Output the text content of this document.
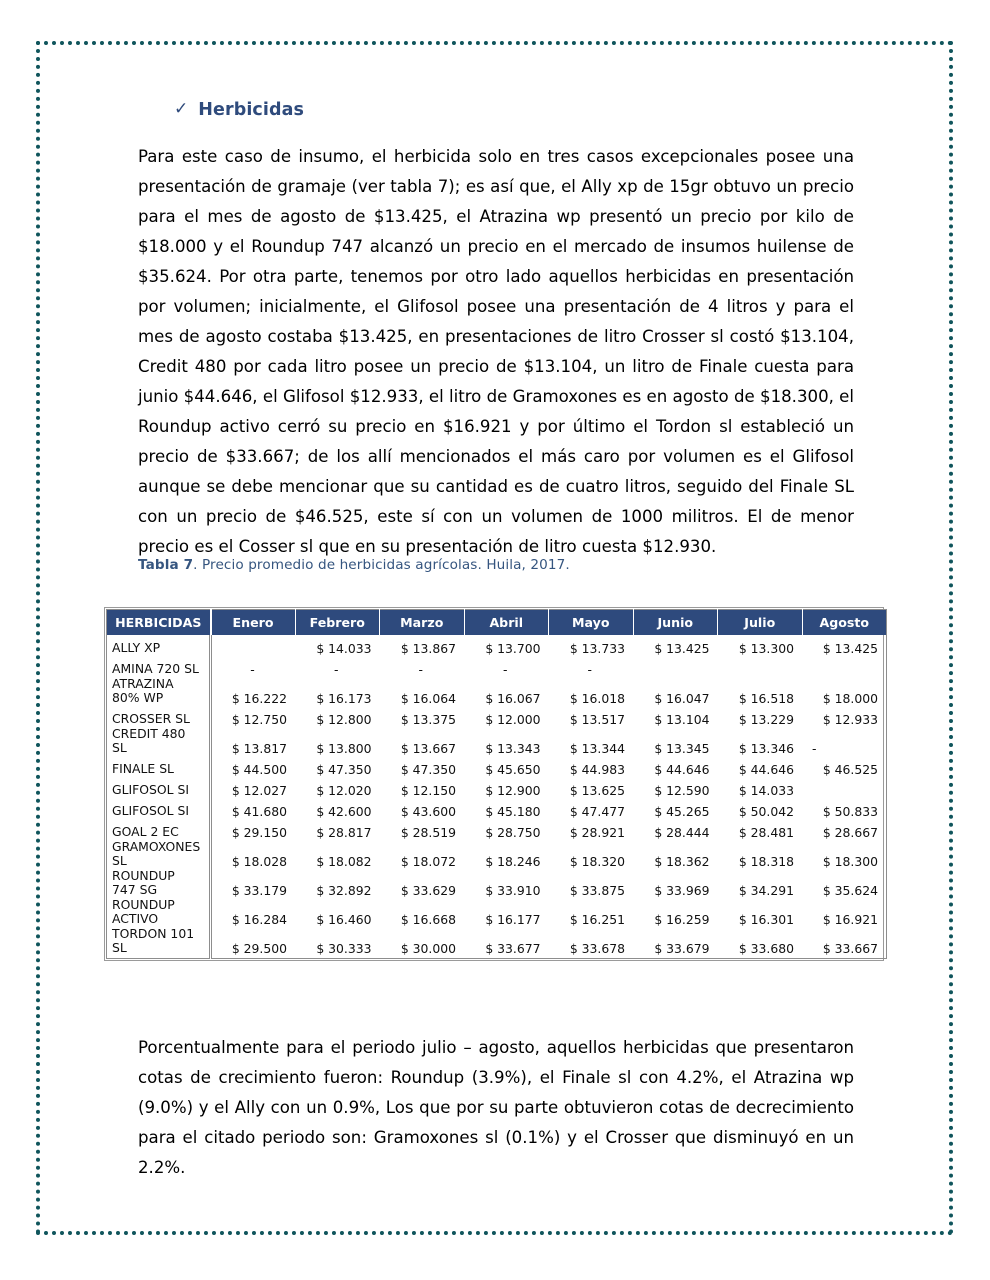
✓ Herbicidas

Para este caso de insumo, el herbicida solo en tres casos excepcionales posee una presentación de gramaje (ver tabla 7); es así que, el Ally xp de 15gr obtuvo un precio para el mes de agosto de $13.425, el Atrazina wp presentó un precio por kilo de $18.000 y el Roundup 747 alcanzó un precio en el mercado de insumos huilense de $35.624. Por otra parte, tenemos por otro lado aquellos herbicidas en presentación por volumen; inicialmente, el Glifosol posee una presentación de 4 litros y para el mes de agosto costaba $13.425, en presentaciones de litro Crosser sl costó $13.104, Credit 480 por cada litro posee un precio de $13.104, un litro de Finale cuesta para junio $44.646, el Glifosol $12.933, el litro de Gramoxones es en agosto de $18.300, el Roundup activo cerró su precio en $16.921 y por último el Tordon sl estableció un precio de $33.667; de los allí mencionados el más caro por volumen es el Glifosol aunque se debe mencionar que su cantidad es de cuatro litros, seguido del Finale SL con un precio de $46.525, este sí con un volumen de 1000 militros. El de menor precio es el Cosser sl que en su presentación de litro cuesta $12.930.

Tabla 7. Precio promedio de herbicidas agrícolas. Huila, 2017.
HERBICIDAS	Enero	Febrero	Marzo	Abril	Mayo	Junio	Julio	Agosto
ALLY XP		$ 14.033	$ 13.867	$ 13.700	$ 13.733	$ 13.425	$ 13.300	$ 13.425
AMINA 720 SL	-	-	-	-	-			
ATRAZINA 80% WP	$ 16.222	$ 16.173	$ 16.064	$ 16.067	$ 16.018	$ 16.047	$ 16.518	$ 18.000
CROSSER SL	$ 12.750	$ 12.800	$ 13.375	$ 12.000	$ 13.517	$ 13.104	$ 13.229	$ 12.933
CREDIT 480 SL	$ 13.817	$ 13.800	$ 13.667	$ 13.343	$ 13.344	$ 13.345	$ 13.346	-
FINALE SL	$ 44.500	$ 47.350	$ 47.350	$ 45.650	$ 44.983	$ 44.646	$ 44.646	$ 46.525
GLIFOSOL SI	$ 12.027	$ 12.020	$ 12.150	$ 12.900	$ 13.625	$ 12.590	$ 14.033	
GLIFOSOL SI	$ 41.680	$ 42.600	$ 43.600	$ 45.180	$ 47.477	$ 45.265	$ 50.042	$ 50.833
GOAL 2 EC	$ 29.150	$ 28.817	$ 28.519	$ 28.750	$ 28.921	$ 28.444	$ 28.481	$ 28.667
GRAMOXONES SL	$ 18.028	$ 18.082	$ 18.072	$ 18.246	$ 18.320	$ 18.362	$ 18.318	$ 18.300
ROUNDUP 747 SG	$ 33.179	$ 32.892	$ 33.629	$ 33.910	$ 33.875	$ 33.969	$ 34.291	$ 35.624
ROUNDUP ACTIVO	$ 16.284	$ 16.460	$ 16.668	$ 16.177	$ 16.251	$ 16.259	$ 16.301	$ 16.921
TORDON 101 SL	$ 29.500	$ 30.333	$ 30.000	$ 33.677	$ 33.678	$ 33.679	$ 33.680	$ 33.667

Porcentualmente para el periodo julio – agosto, aquellos herbicidas que presentaron cotas de crecimiento fueron: Roundup (3.9%), el Finale sl con 4.2%, el Atrazina wp (9.0%) y el Ally con un 0.9%, Los que por su parte obtuvieron cotas de decrecimiento para el citado periodo son: Gramoxones sl (0.1%) y el Crosser que disminuyó en un 2.2%.
